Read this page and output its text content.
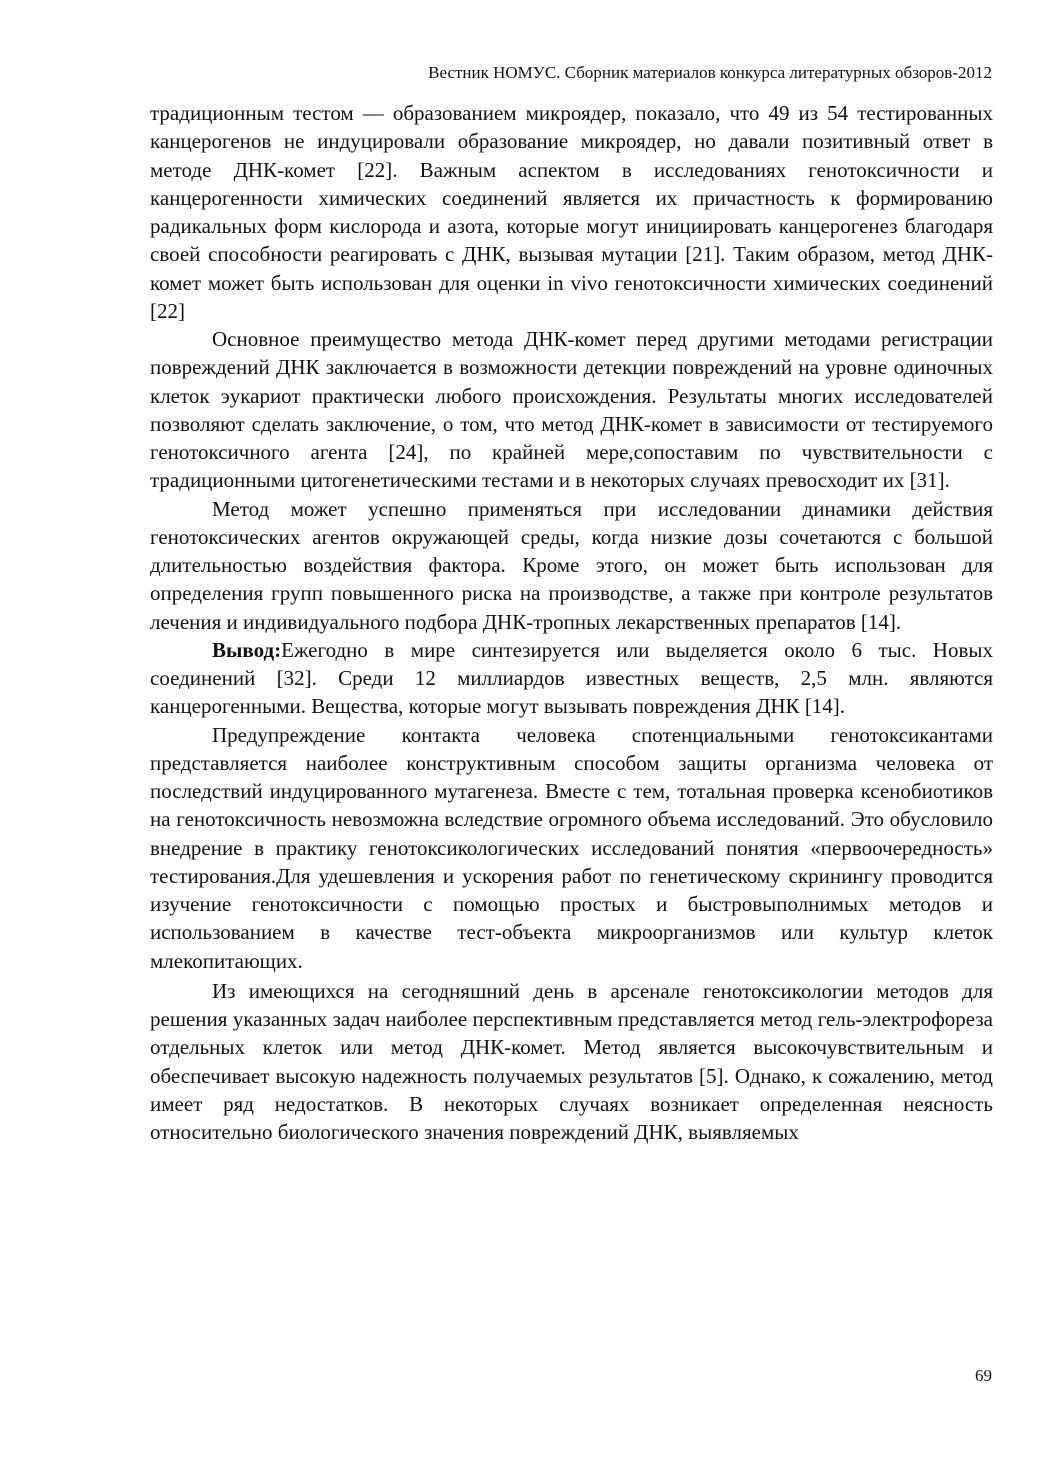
Вестник НОМУС. Сборник материалов конкурса литературных обзоров-2012

традиционным тестом — образованием микроядер, показало, что 49 из 54 тестированных канцерогенов не индуцировали образование микроядер, но давали позитивный ответ в методе ДНК-комет [22]. Важным аспектом в исследованиях генотоксичности и канцерогенности химических соединений является их причастность к формированию радикальных форм кислорода и азота, которые могут инициировать канцерогенез благодаря своей способности реагировать с ДНК, вызывая мутации [21]. Таким образом, метод ДНК-комет может быть использован для оценки in vivo генотоксичности химических соединений [22]

Основное преимущество метода ДНК-комет перед другими методами регистрации повреждений ДНК заключается в возможности детекции повреждений на уровне одиночных клеток эукариот практически любого происхождения. Результаты многих исследователей позволяют сделать заключение, о том, что метод ДНК-комет в зависимости от тестируемого генотоксичного агента [24], по крайней мере,сопоставим по чувствительности с традиционными цитогенетическими тестами и в некоторых случаях превосходит их [31].

Метод может успешно применяться при исследовании динамики действия генотоксических агентов окружающей среды, когда низкие дозы сочетаются с большой длительностью воздействия фактора. Кроме этого, он может быть использован для определения групп повышенного риска на производстве, а также при контроле результатов лечения и индивидуального подбора ДНК-тропных лекарственных препаратов [14].

Вывод:Ежегодно в мире синтезируется или выделяется около 6 тыс. Новых соединений [32]. Среди 12 миллиардов известных веществ, 2,5 млн. являются канцерогенными. Вещества, которые могут вызывать повреждения ДНК [14].

Предупреждение контакта человека спотенциальными генотоксикантами представляется наиболее конструктивным способом защиты организма человека от последствий индуцированного мутагенеза. Вместе с тем, тотальная проверка ксенобиотиков на генотоксичность невозможна вследствие огромного объема исследований. Это обусловило внедрение в практику генотоксикологических исследований понятия «первоочередность» тестирования.Для удешевления и ускорения работ по генетическому скринингу проводится изучение генотоксичности с помощью простых и быстровыполнимых методов и использованием в качестве тест-объекта микроорганизмов или культур клеток млекопитающих.

Из имеющихся на сегодняшний день в арсенале генотоксикологии методов для решения указанных задач наиболее перспективным представляется метод гель-электрофореза отдельных клеток или метод ДНК-комет. Метод является высокочувствительным и обеспечивает высокую надежность получаемых результатов [5]. Однако, к сожалению, метод имеет ряд недостатков. В некоторых случаях возникает определенная неясность относительно биологического значения повреждений ДНК, выявляемых

69
